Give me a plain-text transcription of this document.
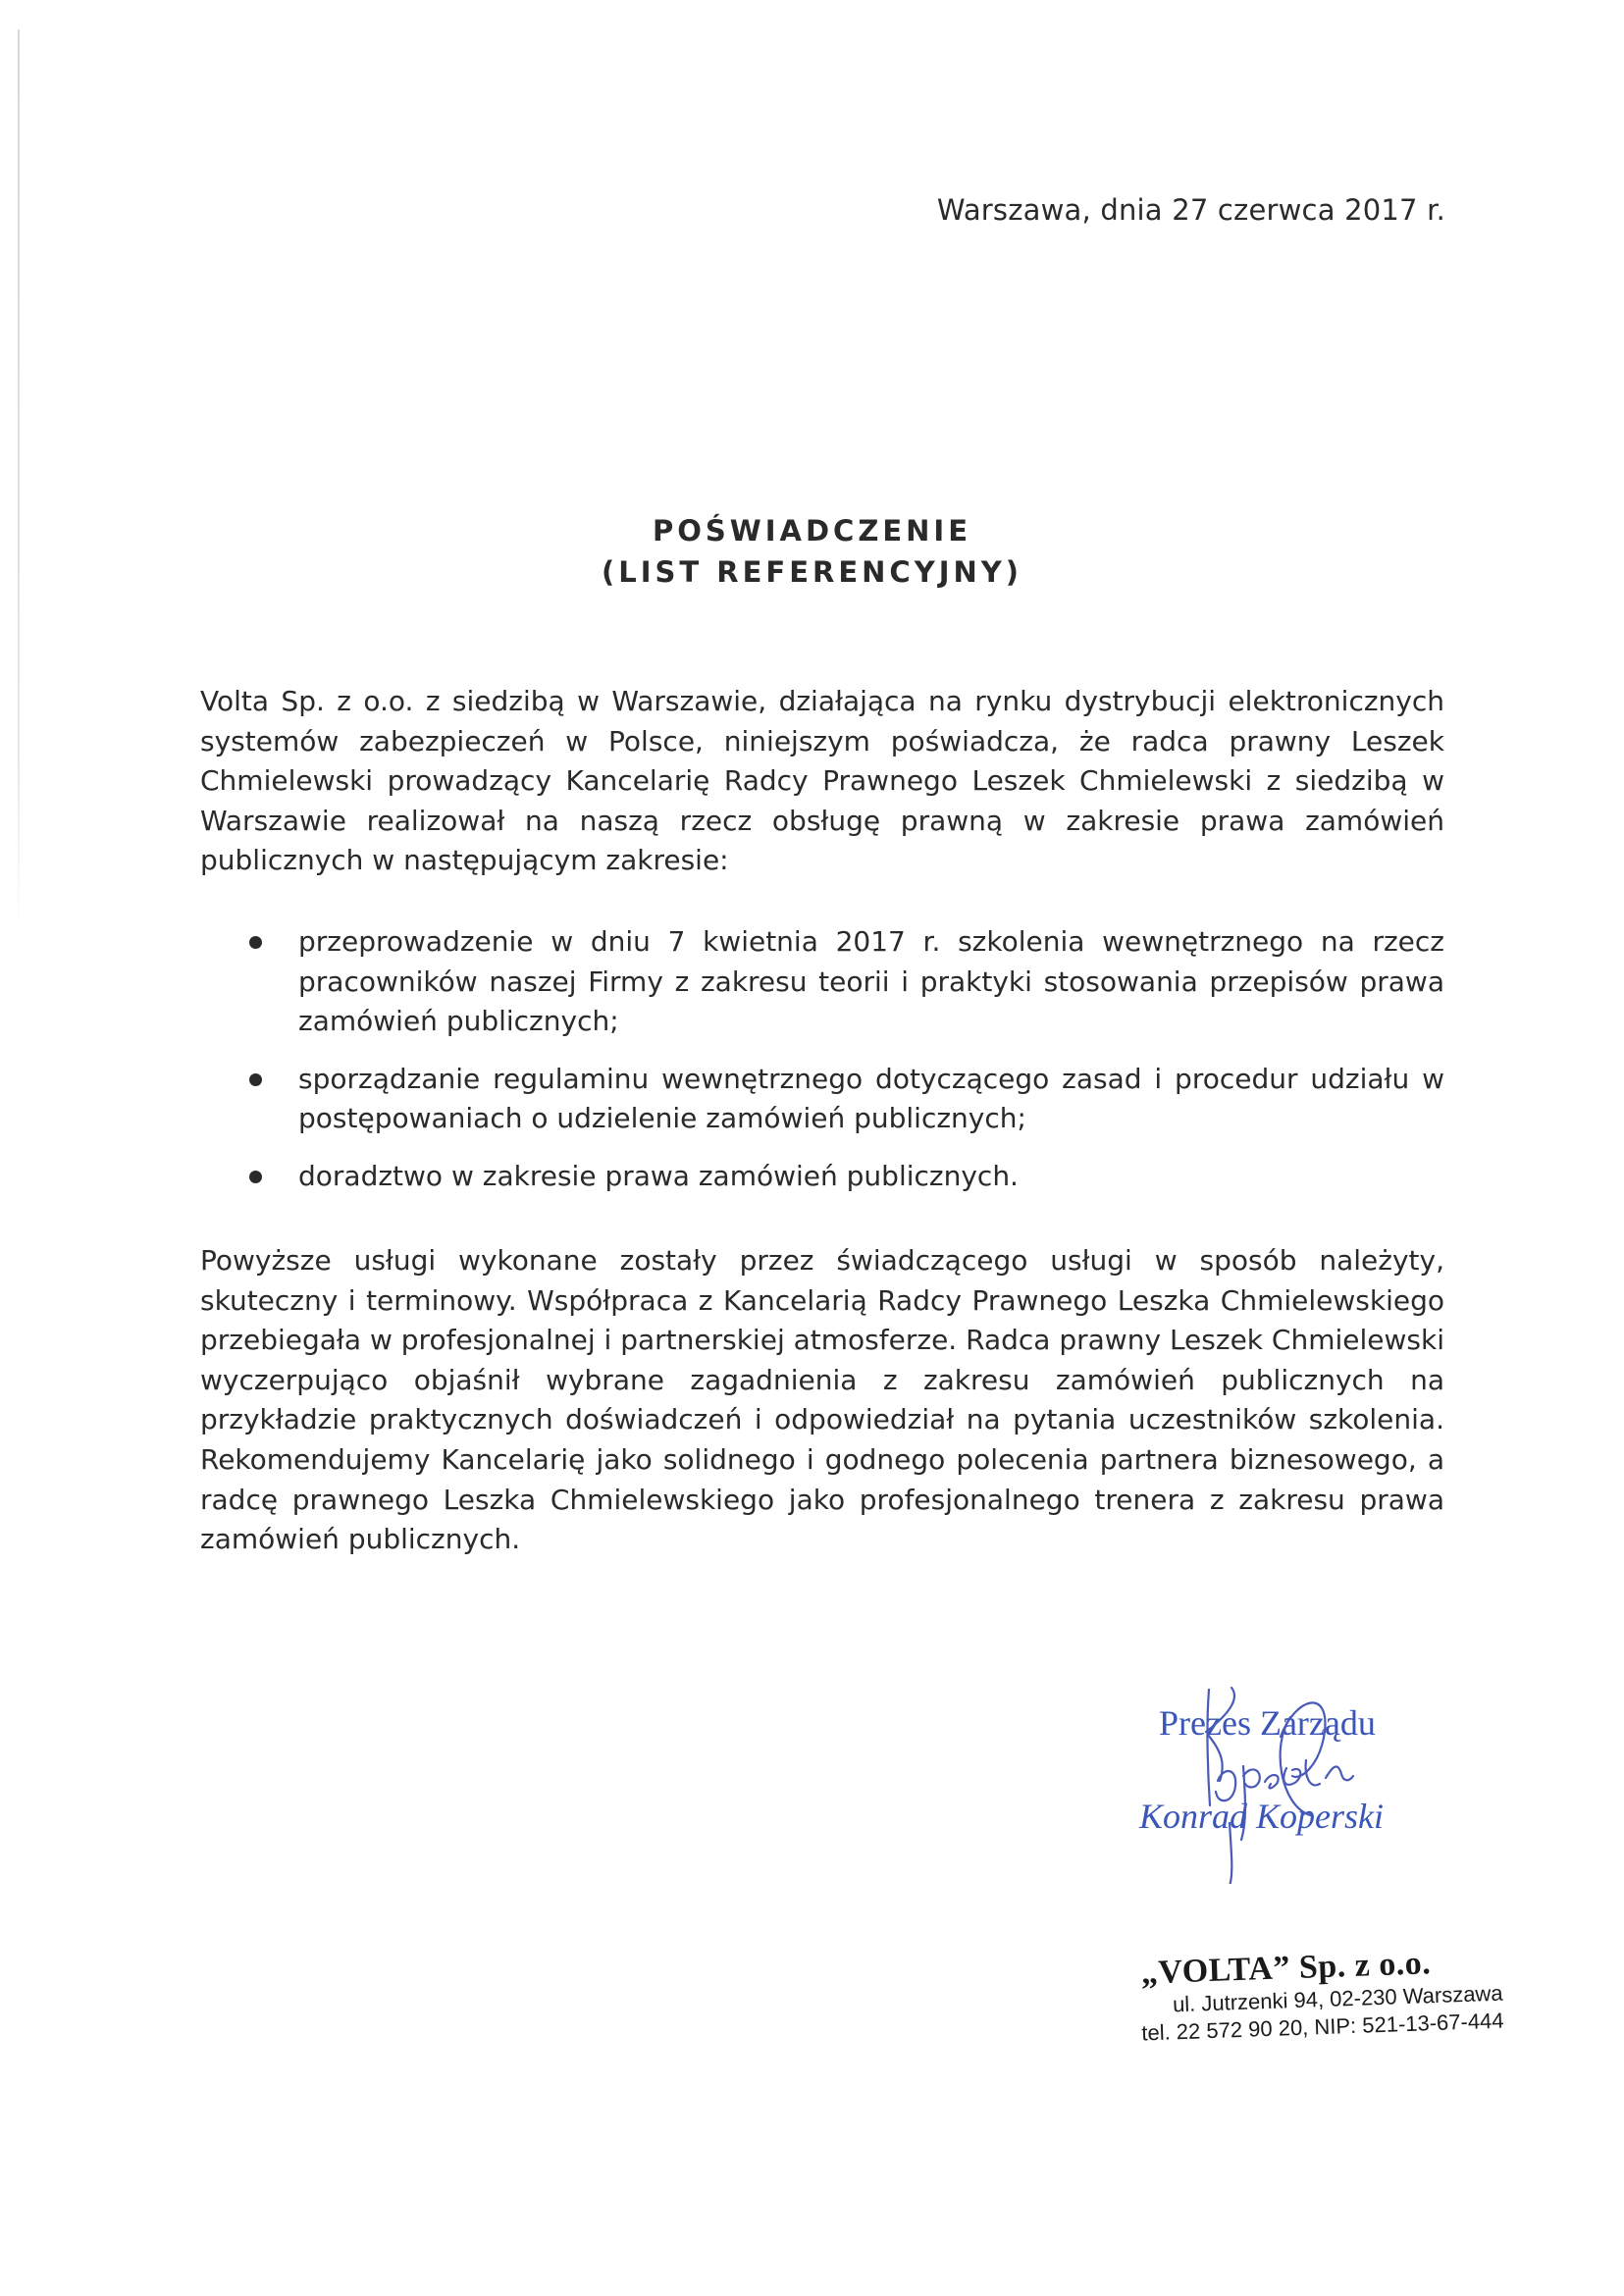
Warszawa, dnia 27 czerwca 2017 r.
POŚWIADCZENIE
(LIST REFERENCYJNY)

Volta Sp. z o.o. z siedzibą w Warszawie, działająca na rynku dystrybucji elektronicznych systemów zabezpieczeń w Polsce, niniejszym poświadcza, że radca prawny Leszek Chmielewski prowadzący Kancelarię Radcy Prawnego Leszek Chmielewski z siedzibą w Warszawie realizował na naszą rzecz obsługę prawną w zakresie prawa zamówień publicznych w następującym zakresie:

przeprowadzenie w dniu 7 kwietnia 2017 r. szkolenia wewnętrznego na rzecz pracowników naszej Firmy z zakresu teorii i praktyki stosowania przepisów prawa zamówień publicznych;
sporządzanie regulaminu wewnętrznego dotyczącego zasad i procedur udziału w postępowaniach o udzielenie zamówień publicznych;
doradztwo w zakresie prawa zamówień publicznych.

Powyższe usługi wykonane zostały przez świadczącego usługi w sposób należyty, skuteczny i terminowy. Współpraca z Kancelarią Radcy Prawnego Leszka Chmielewskiego przebiegała w profesjonalnej i partnerskiej atmosferze. Radca prawny Leszek Chmielewski wyczerpująco objaśnił wybrane zagadnienia z zakresu zamówień publicznych na przykładzie praktycznych doświadczeń i odpowiedział na pytania uczestników szkolenia. Rekomendujemy Kancelarię jako solidnego i godnego polecenia partnera biznesowego, a radcę prawnego Leszka Chmielewskiego jako profesjonalnego trenera z zakresu prawa zamówień publicznych.

Prezes Zarządu
Konrad Koperski
„VOLTA” Sp. z o.o.
ul. Jutrzenki 94, 02-230 Warszawa
tel. 22 572 90 20, NIP: 521-13-67-444
